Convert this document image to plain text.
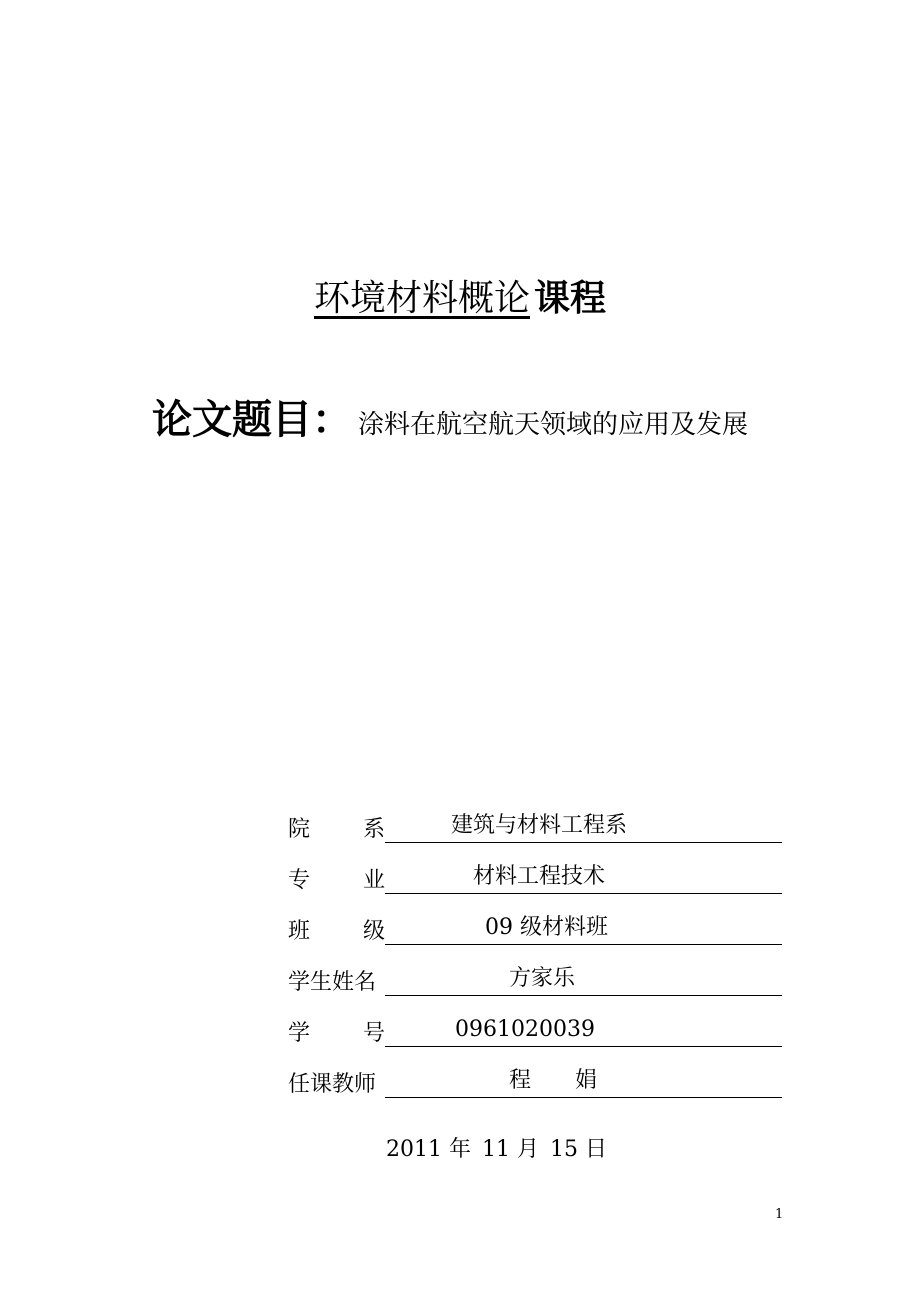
环境材料概论 课程
论文题目： 涂料在航空航天领域的应用及发展
院 系	建筑与材料工程系
专 业	材料工程技术
班 级	09 级材料班
学生姓名	方家乐
学 号	0961020039
任课教师	程　　娟
2011 年 11 月 15 日
1
